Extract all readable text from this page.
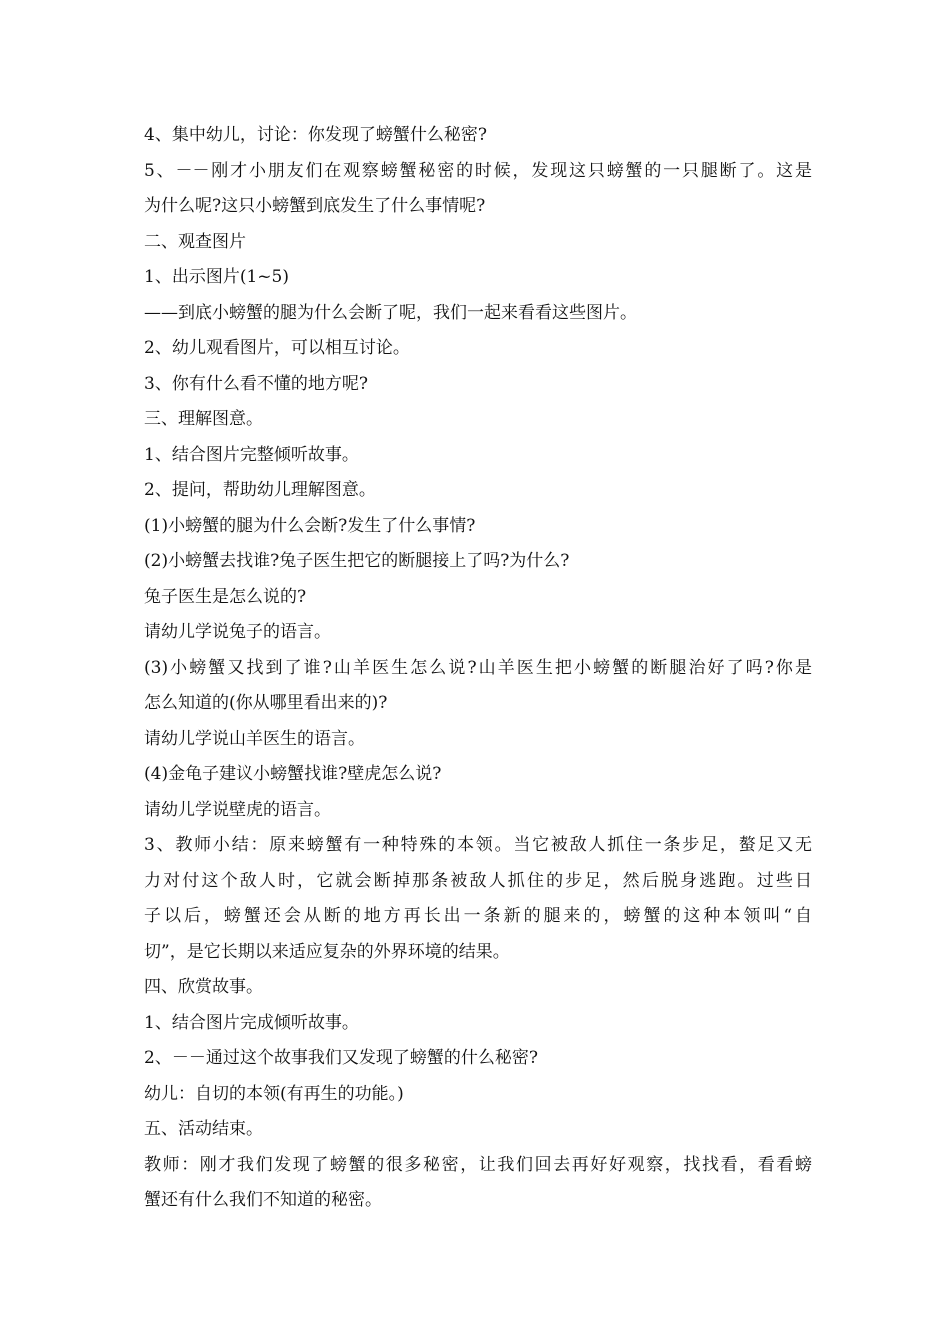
4、集中幼儿，讨论：你发现了螃蟹什么秘密?
5、－－刚才小朋友们在观察螃蟹秘密的时候，发现这只螃蟹的一只腿断了。这是
为什么呢?这只小螃蟹到底发生了什么事情呢?
二、观查图片
1、出示图片(1~5)
——到底小螃蟹的腿为什么会断了呢，我们一起来看看这些图片。
2、幼儿观看图片，可以相互讨论。
3、你有什么看不懂的地方呢?
三、理解图意。
1、结合图片完整倾听故事。
2、提问，帮助幼儿理解图意。
(1)小螃蟹的腿为什么会断?发生了什么事情?
(2)小螃蟹去找谁?兔子医生把它的断腿接上了吗?为什么?
兔子医生是怎么说的?
请幼儿学说兔子的语言。
(3)小螃蟹又找到了谁?山羊医生怎么说?山羊医生把小螃蟹的断腿治好了吗?你是
怎么知道的(你从哪里看出来的)?
请幼儿学说山羊医生的语言。
(4)金龟子建议小螃蟹找谁?壁虎怎么说?
请幼儿学说壁虎的语言。
3、教师小结：原来螃蟹有一种特殊的本领。当它被敌人抓住一条步足，螯足又无
力对付这个敌人时，它就会断掉那条被敌人抓住的步足，然后脱身逃跑。过些日
子以后，螃蟹还会从断的地方再长出一条新的腿来的，螃蟹的这种本领叫“自
切”，是它长期以来适应复杂的外界环境的结果。
四、欣赏故事。
1、结合图片完成倾听故事。
2、－－通过这个故事我们又发现了螃蟹的什么秘密?
幼儿：自切的本领(有再生的功能。)
五、活动结束。
教师：刚才我们发现了螃蟹的很多秘密，让我们回去再好好观察，找找看，看看螃
蟹还有什么我们不知道的秘密。
